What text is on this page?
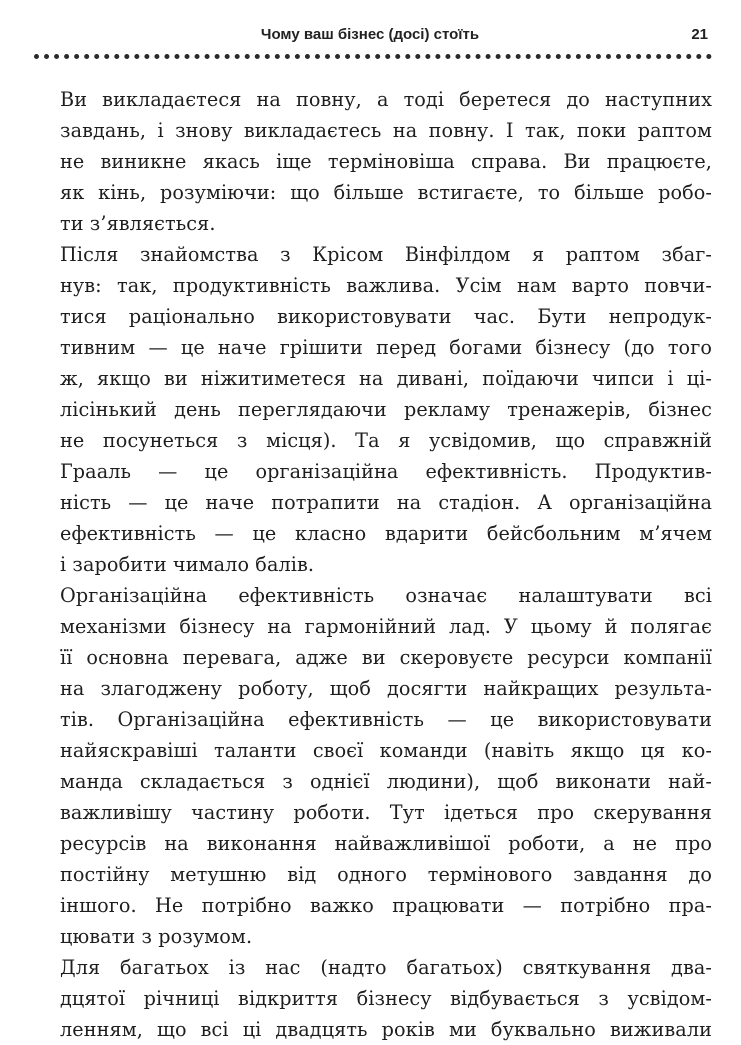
Чому ваш бізнес (досі) стоїть	21

Ви викладаєтеся на повну, а тоді беретеся до наступних
завдань, і знову викладаєтесь на повну. І так, поки раптом
не виникне якась іще терміновіша справа. Ви працюєте,
як кінь, розуміючи: що більше встигаєте, то більше робо-
ти з’являється.

Після знайомства з Крісом Вінфілдом я раптом збаг-
нув: так, продуктивність важлива. Усім нам варто повчи-
тися раціонально використовувати час. Бути непродук-
тивним — це наче грішити перед богами бізнесу (до того
ж, якщо ви ніжитиметеся на дивані, поїдаючи чипси і ці-
лісінький день переглядаючи рекламу тренажерів, бізнес
не посунеться з місця). Та я усвідомив, що справжній
Грааль — це організаційна ефективність. Продуктив-
ність — це наче потрапити на стадіон. А організаційна
ефективність — це класно вдарити бейсбольним м’ячем
і заробити чимало балів.

Організаційна ефективність означає налаштувати всі
механізми бізнесу на гармонійний лад. У цьому й полягає
її основна перевага, адже ви скеровуєте ресурси компанії
на злагоджену роботу, щоб досягти найкращих результа-
тів. Організаційна ефективність — це використовувати
найяскравіші таланти своєї команди (навіть якщо ця ко-
манда складається з однієї людини), щоб виконати най-
важливішу частину роботи. Тут ідеться про скерування
ресурсів на виконання найважливішої роботи, а не про
постійну метушню від одного термінового завдання до
іншого. Не потрібно важко працювати — потрібно пра-
цювати з розумом.

Для багатьох із нас (надто багатьох) святкування два-
дцятої річниці відкриття бізнесу відбувається з усвідом-
ленням, що всі ці двадцять років ми буквально виживали
